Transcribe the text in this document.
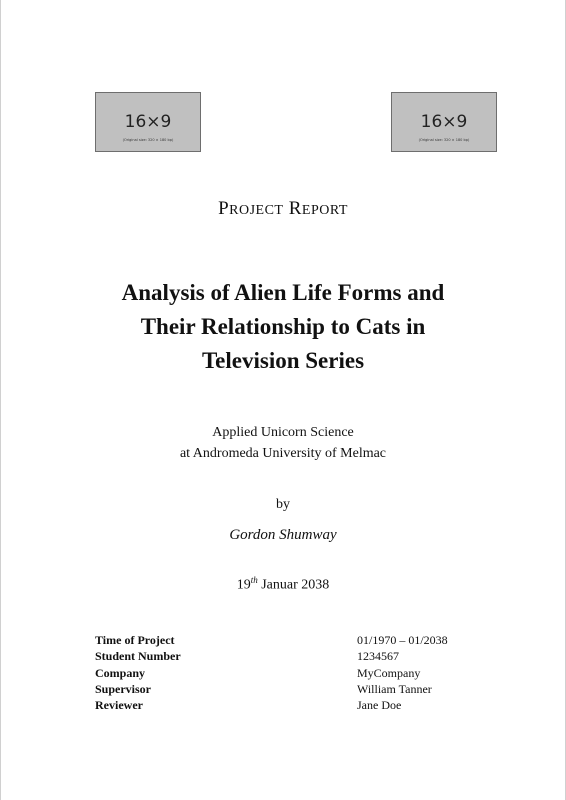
16×9
(Original size: 320 × 180 bp)
16×9
(Original size: 320 × 180 bp)
PROJECT REPORT
Analysis of Alien Life Forms and
Their Relationship to Cats in
Television Series
Applied Unicorn Science
at Andromeda University of Melmac
by
Gordon Shumway
19th Januar 2038
Time of Project	01/1970 – 01/2038
Student Number	1234567
Company	MyCompany
Supervisor	William Tanner
Reviewer	Jane Doe
